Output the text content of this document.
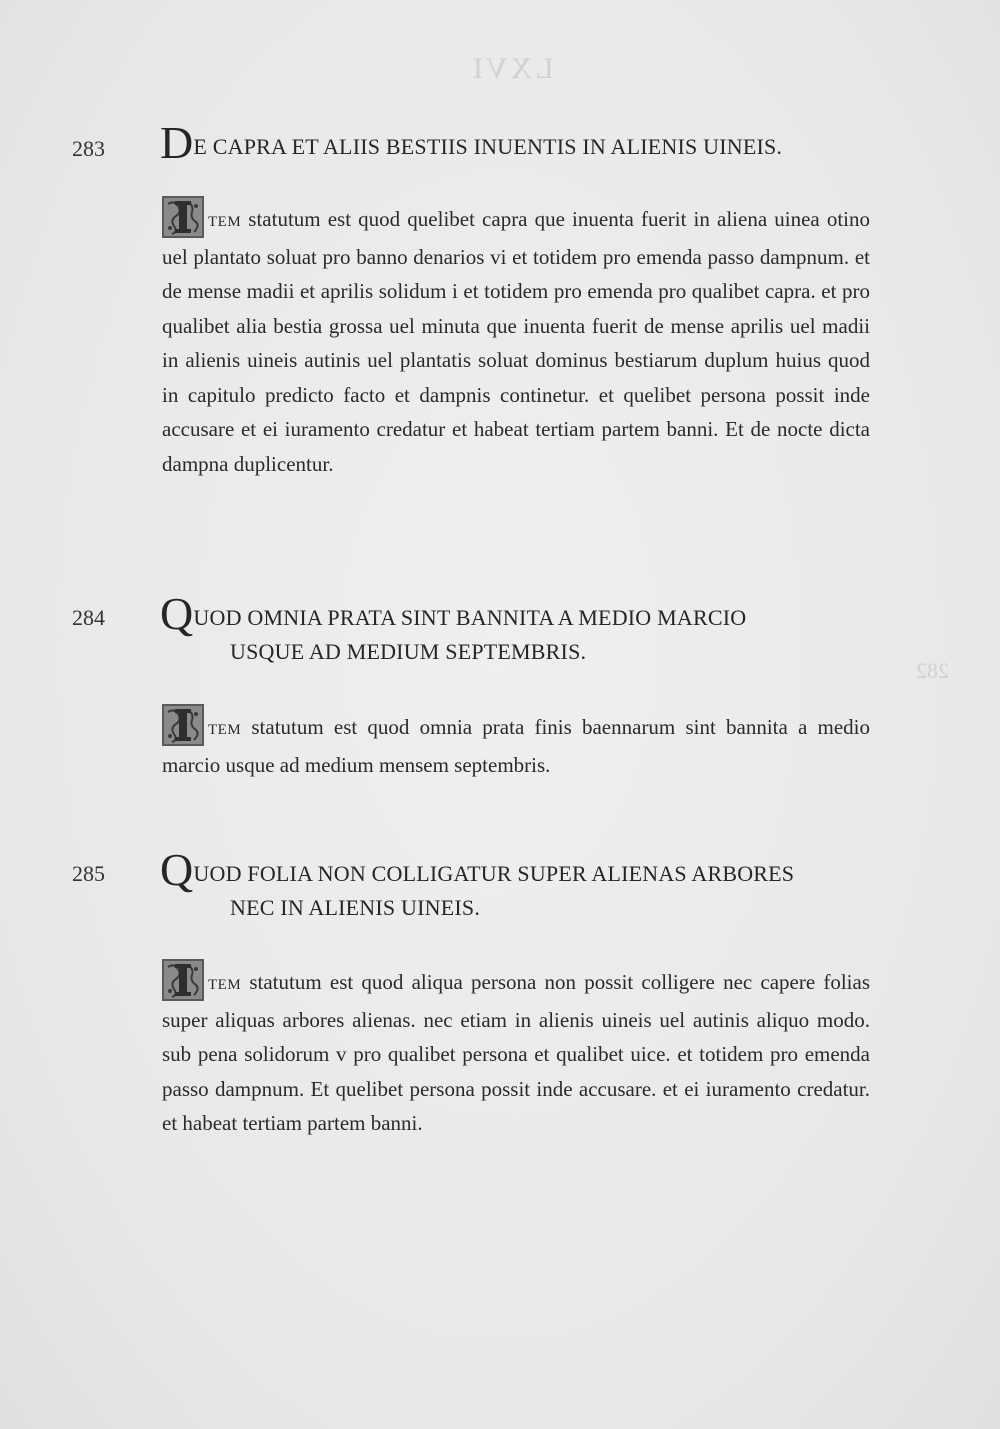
LXVI
282
283 DE CAPRA ET ALIIS BESTIIS INUENTIS IN ALIENIS UINEIS.
TEM statutum est quod quelibet capra que inuenta fuerit in aliena uinea otino uel plantato soluat pro banno denarios vi et totidem pro emenda passo dampnum. et de mense madii et aprilis solidum i et totidem pro emenda pro qualibet capra. et pro qualibet alia bestia grossa uel minuta que inuenta fuerit de mense aprilis uel madii in alienis uineis autinis uel plantatis soluat dominus bestiarum duplum huius quod in capitulo predicto facto et dampnis continetur. et quelibet persona possit inde accusare et ei iuramento credatur et habeat tertiam partem banni. Et de nocte dicta dampna duplicentur.
284 QUOD OMNIA PRATA SINT BANNITA A MEDIO MARCIO
USQUE AD MEDIUM SEPTEMBRIS.
TEM statutum est quod omnia prata finis baennarum sint bannita a medio marcio usque ad medium mensem septembris.
285 QUOD FOLIA NON COLLIGATUR SUPER ALIENAS ARBORES
NEC IN ALIENIS UINEIS.
TEM statutum est quod aliqua persona non possit colligere nec capere folias super aliquas arbores alienas. nec etiam in alienis uineis uel autinis aliquo modo. sub pena solidorum v pro qualibet persona et qualibet uice. et totidem pro emenda passo dampnum. Et quelibet persona possit inde accusare. et ei iuramento credatur. et habeat tertiam partem banni.
